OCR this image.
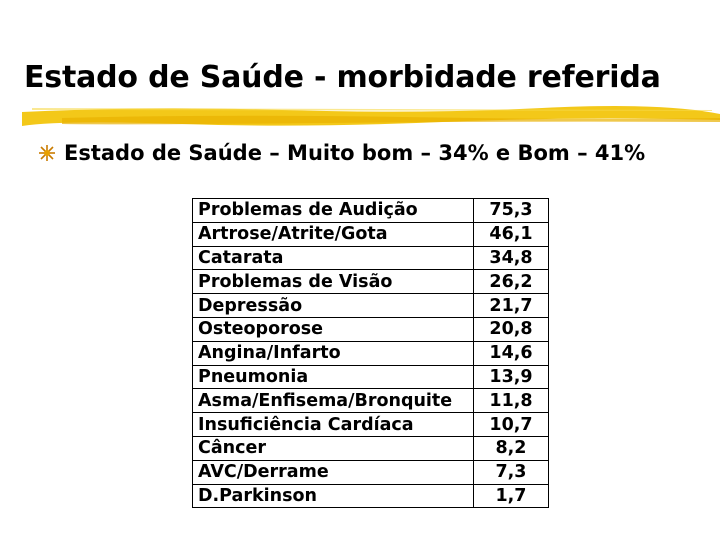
Estado de Saúde - morbidade referida
Estado de Saúde – Muito bom – 34% e Bom – 41%
Problemas de Audição	75,3
Artrose/Atrite/Gota	46,1
Catarata	34,8
Problemas de Visão	26,2
Depressão	21,7
Osteoporose	20,8
Angina/Infarto	14,6
Pneumonia	13,9
Asma/Enfisema/Bronquite	11,8
Insuficiência Cardíaca	10,7
Câncer	8,2
AVC/Derrame	7,3
D.Parkinson	1,7
